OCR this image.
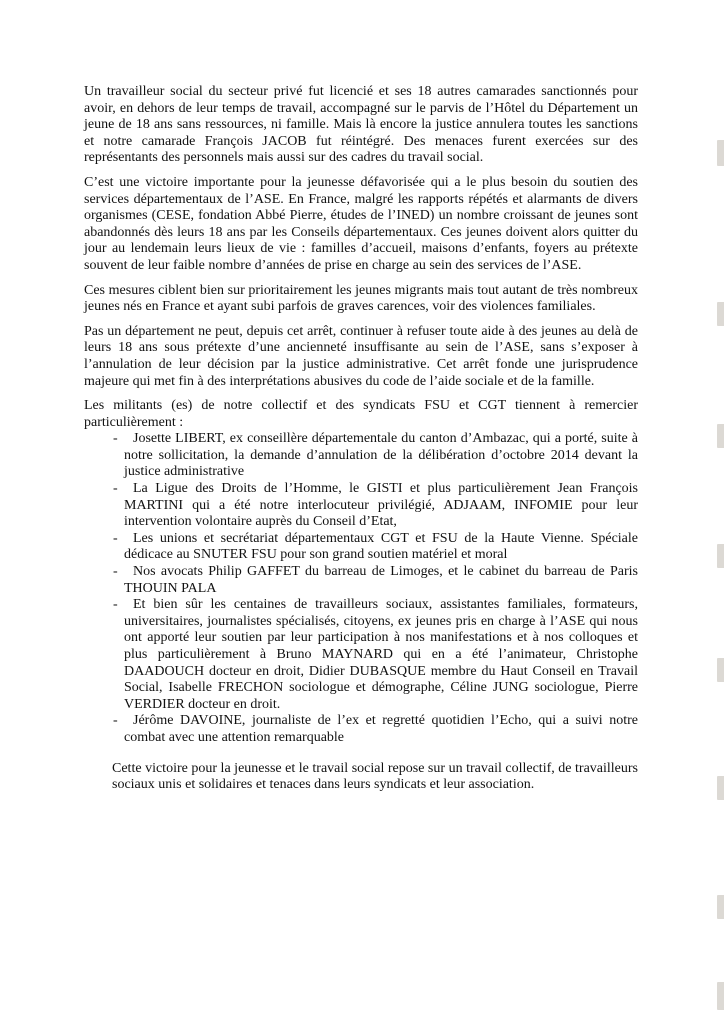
Un travailleur social du secteur privé fut licencié et ses 18 autres camarades sanctionnés pour avoir, en dehors de leur temps de travail, accompagné sur le parvis de l’Hôtel du Département un jeune de 18 ans sans ressources, ni famille. Mais là encore la justice annulera toutes les sanctions et notre camarade François JACOB fut réintégré. Des menaces furent exercées sur des représentants des personnels mais aussi sur des cadres du travail social.

C’est une victoire importante pour la jeunesse défavorisée qui a le plus besoin du soutien des services départementaux de l’ASE. En France, malgré les rapports répétés et alarmants de divers organismes (CESE, fondation Abbé Pierre, études de l’INED) un nombre croissant de jeunes sont abandonnés dès leurs 18 ans par les Conseils départementaux. Ces jeunes doivent alors quitter du jour au lendemain leurs lieux de vie : familles d’accueil, maisons d’enfants, foyers au prétexte souvent de leur faible nombre d’années de prise en charge au sein des services de l’ASE.

Ces mesures ciblent bien sur prioritairement les jeunes migrants mais tout autant de très nombreux jeunes nés en France et ayant subi parfois de graves carences, voir des violences familiales.

Pas un département ne peut, depuis cet arrêt, continuer à refuser toute aide à des jeunes au delà de leurs 18 ans sous prétexte d’une ancienneté insuffisante au sein de l’ASE, sans s’exposer à l’annulation de leur décision par la justice administrative. Cet arrêt fonde une jurisprudence majeure qui met fin à des interprétations abusives du code de l’aide sociale et de la famille.

Les militants (es) de notre collectif et des syndicats FSU et CGT tiennent à remercier particulièrement :

- Josette LIBERT, ex conseillère départementale du canton d’Ambazac, qui a porté, suite à notre sollicitation, la demande d’annulation de la délibération d’octobre 2014 devant la justice administrative
- La Ligue des Droits de l’Homme, le GISTI et plus particulièrement Jean François MARTINI qui a été notre interlocuteur privilégié, ADJAAM, INFOMIE pour leur intervention volontaire auprès du Conseil d’Etat,
- Les unions et secrétariat départementaux CGT et FSU de la Haute Vienne. Spéciale dédicace au SNUTER FSU pour son grand soutien matériel et moral
- Nos avocats Philip GAFFET du barreau de Limoges, et le cabinet du barreau de Paris THOUIN PALA
- Et bien sûr les centaines de travailleurs sociaux, assistantes familiales, formateurs, universitaires, journalistes spécialisés, citoyens, ex jeunes pris en charge à l’ASE qui nous ont apporté leur soutien par leur participation à nos manifestations et à nos colloques et plus particulièrement à Bruno MAYNARD qui en a été l’animateur, Christophe DAADOUCH docteur en droit, Didier DUBASQUE membre du Haut Conseil en Travail Social, Isabelle FRECHON sociologue et démographe, Céline JUNG sociologue, Pierre VERDIER docteur en droit.
- Jérôme DAVOINE, journaliste de l’ex et regretté quotidien l’Echo, qui a suivi notre combat avec une attention remarquable

Cette victoire pour la jeunesse et le travail social repose sur un travail collectif, de travailleurs sociaux unis et solidaires et tenaces dans leurs syndicats et leur association.
